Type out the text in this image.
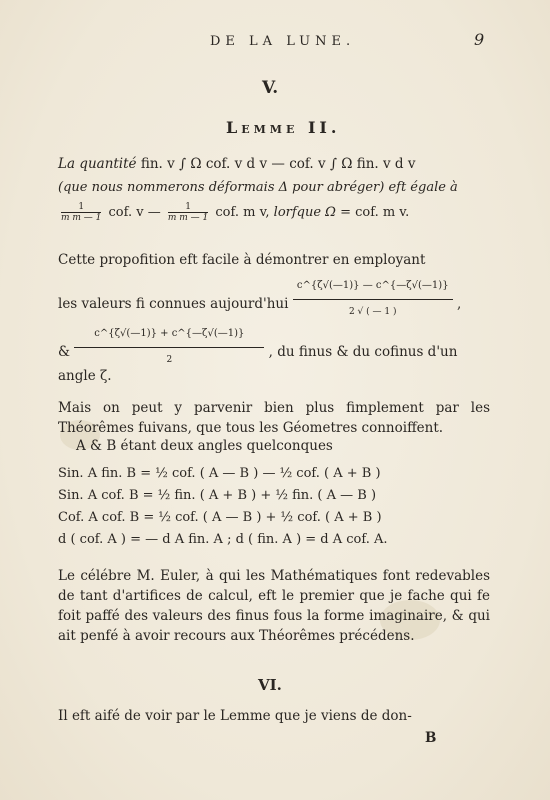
DE LA LUNE.	9
V.
Lemme II.
La quantité fin. v ∫ Ω cof. v d v — cof. v ∫ Ω fin. v d v
(que nous nommerons déformais Δ pour abréger) eft égale à
$\frac{1}{\text{m m — 1}}$ cof. v — $\frac{1}{\text{m m — 1}}$ cof. m v, lorfque Ω = cof. m v.
Cette propofition eft facile à démontrer en employant
les valeurs fi connues aujourd'hui $\frac{c\^{}\{\zeta√(—1)\} — c\^{}\{—\zeta√(—1)\}}{2 √ ( — 1 )}$ ,
& $\frac{c\^{}\{\zeta√(—1)\} + c\^{}\{—\zeta√(—1)\}}{2}$ , du finus & du cofinus d'un
angle ζ.
Mais on peut y parvenir bien plus fimplement par les Théorêmes fuivans, que tous les Géometres connoiffent.
A & B étant deux angles quelconques
Sin. A fin. B = ½ cof. ( A — B ) — ½ cof. ( A + B )
Sin. A cof. B = ½ fin. ( A + B ) + ½ fin. ( A — B )
Cof. A cof. B = ½ cof. ( A — B ) + ½ cof. ( A + B )
d ( cof. A ) = — d A fin. A ; d ( fin. A ) = d A cof. A.
Le célébre M. Euler, à qui les Mathématiques font redevables de tant d'artifices de calcul, eft le premier que je fache qui fe foit paffé des valeurs des finus fous la forme imaginaire, & qui ait penfé à avoir recours aux Théorêmes précédens.
VI.
Il eft aifé de voir par le Lemme que je viens de don-
B
